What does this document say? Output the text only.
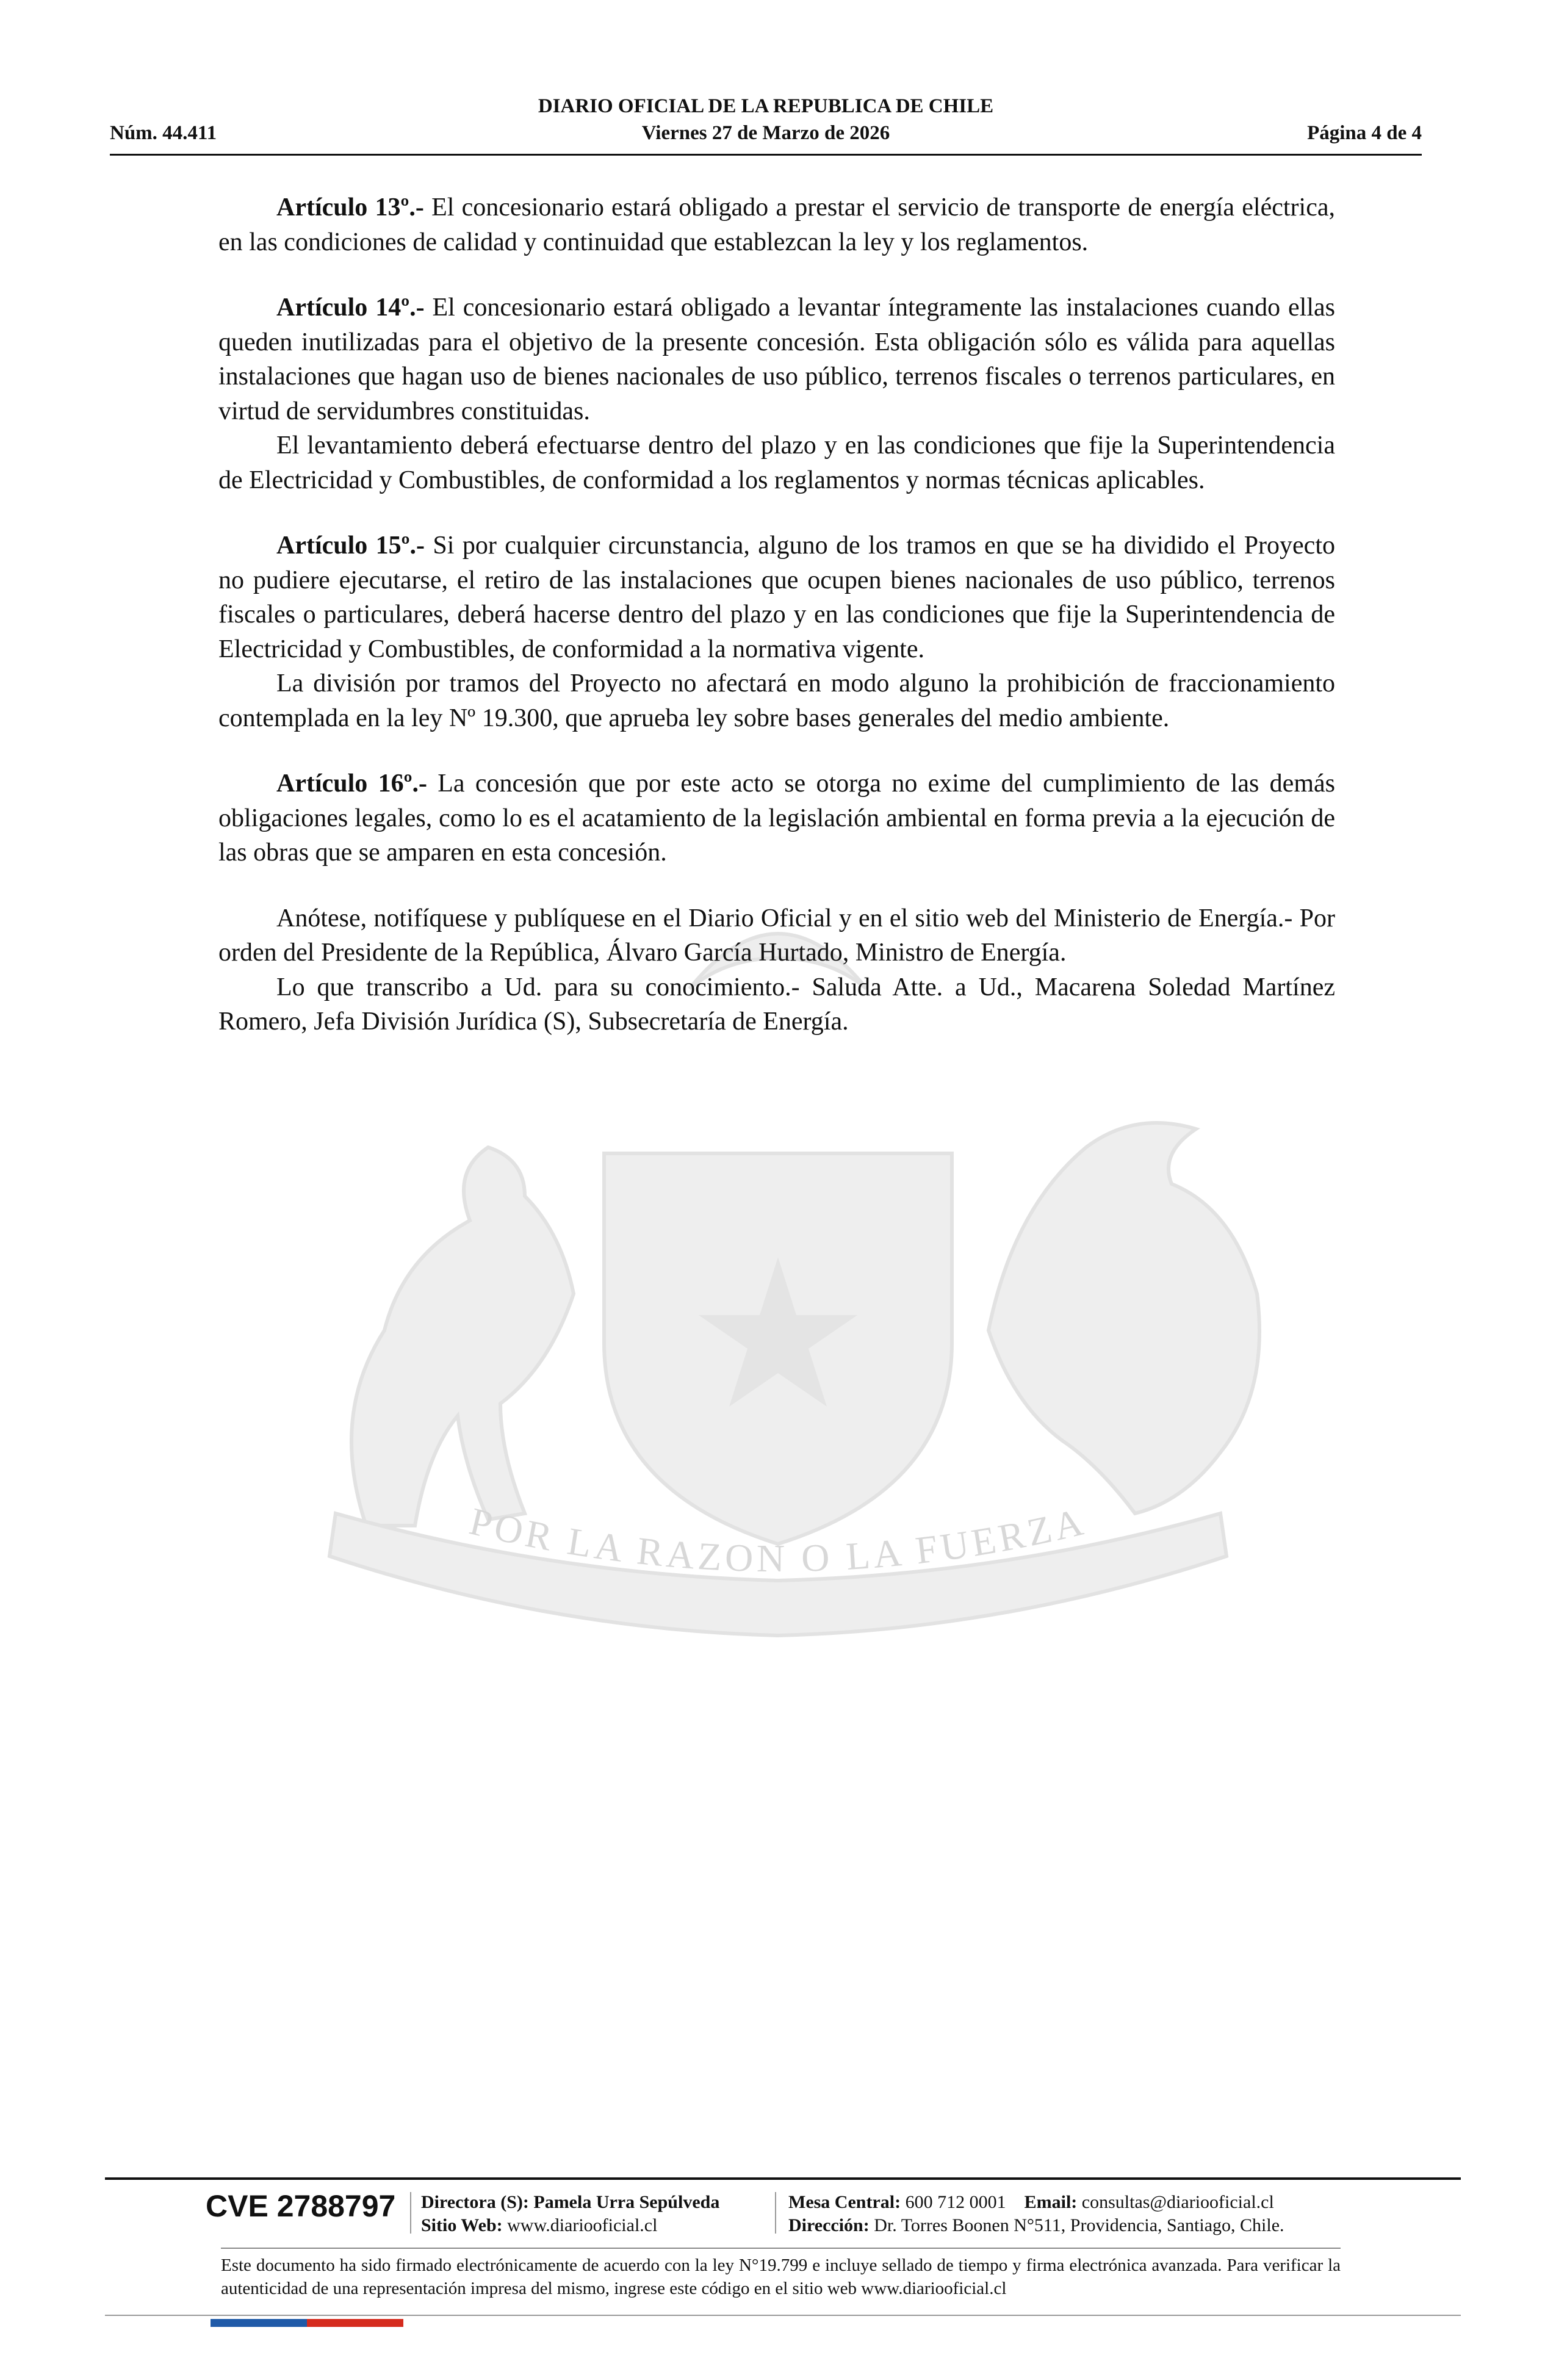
DIARIO OFICIAL DE LA REPUBLICA DE CHILE
Núm. 44.411	Viernes 27 de Marzo de 2026	Página 4 de 4
POR LA RAZON O LA FUERZA

Artículo 13º.- El concesionario estará obligado a prestar el servicio de transporte de energía eléctrica, en las condiciones de calidad y continuidad que establezcan la ley y los reglamentos.

Artículo 14º.- El concesionario estará obligado a levantar íntegramente las instalaciones cuando ellas queden inutilizadas para el objetivo de la presente concesión. Esta obligación sólo es válida para aquellas instalaciones que hagan uso de bienes nacionales de uso público, terrenos fiscales o terrenos particulares, en virtud de servidumbres constituidas.

El levantamiento deberá efectuarse dentro del plazo y en las condiciones que fije la Superintendencia de Electricidad y Combustibles, de conformidad a los reglamentos y normas técnicas aplicables.

Artículo 15º.- Si por cualquier circunstancia, alguno de los tramos en que se ha dividido el Proyecto no pudiere ejecutarse, el retiro de las instalaciones que ocupen bienes nacionales de uso público, terrenos fiscales o particulares, deberá hacerse dentro del plazo y en las condiciones que fije la Superintendencia de Electricidad y Combustibles, de conformidad a la normativa vigente.

La división por tramos del Proyecto no afectará en modo alguno la prohibición de fraccionamiento contemplada en la ley Nº 19.300, que aprueba ley sobre bases generales del medio ambiente.

Artículo 16º.- La concesión que por este acto se otorga no exime del cumplimiento de las demás obligaciones legales, como lo es el acatamiento de la legislación ambiental en forma previa a la ejecución de las obras que se amparen en esta concesión.

Anótese, notifíquese y publíquese en el Diario Oficial y en el sitio web del Ministerio de Energía.- Por orden del Presidente de la República, Álvaro García Hurtado, Ministro de Energía.

Lo que transcribo a Ud. para su conocimiento.- Saluda Atte. a Ud., Macarena Soledad Martínez Romero, Jefa División Jurídica (S), Subsecretaría de Energía.

CVE 2788797 Directora (S): Pamela Urra Sepúlveda
Sitio Web: www.diariooficial.cl
Mesa Central: 600 712 0001 Email: consultas@diariooficial.cl
Dirección: Dr. Torres Boonen N°511, Providencia, Santiago, Chile.
Este documento ha sido firmado electrónicamente de acuerdo con la ley N°19.799 e incluye sellado de tiempo y firma electrónica avanzada. Para verificar la autenticidad de una representación impresa del mismo, ingrese este código en el sitio web www.diariooficial.cl
